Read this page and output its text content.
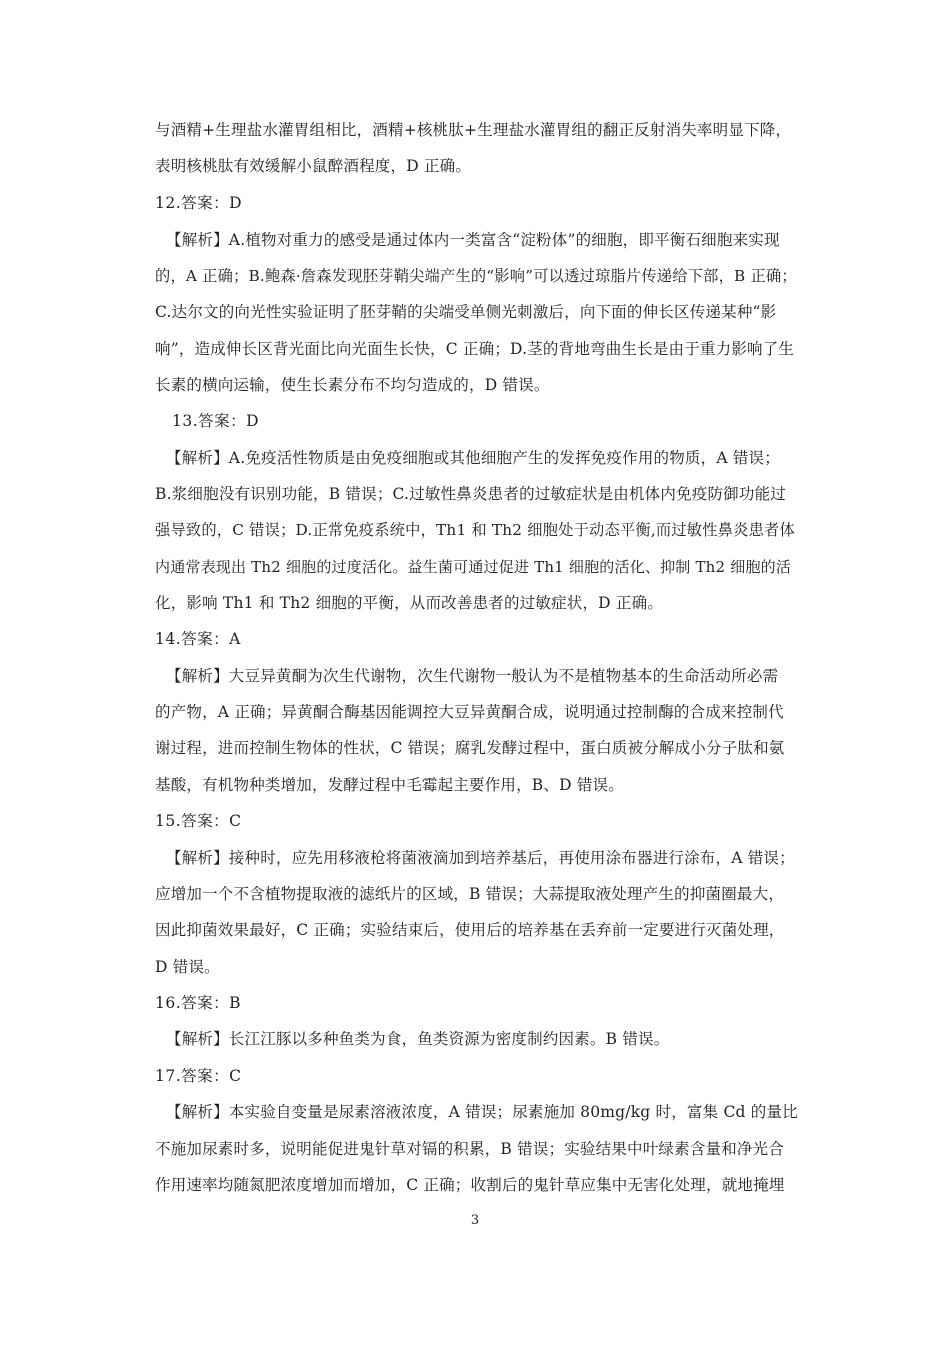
与酒精+生理盐水灌胃组相比，酒精+核桃肽+生理盐水灌胃组的翻正反射消失率明显下降，
表明核桃肽有效缓解小鼠醉酒程度，D 正确。
12.答案：D
【解析】A.植物对重力的感受是通过体内一类富含“淀粉体”的细胞，即平衡石细胞来实现
的，A 正确；B.鲍森·詹森发现胚芽鞘尖端产生的“影响”可以透过琼脂片传递给下部，B 正确；
C.达尔文的向光性实验证明了胚芽鞘的尖端受单侧光刺激后，向下面的伸长区传递某种“影
响”，造成伸长区背光面比向光面生长快，C 正确；D.茎的背地弯曲生长是由于重力影响了生
长素的横向运输，使生长素分布不均匀造成的，D 错误。
13.答案：D
【解析】A.免疫活性物质是由免疫细胞或其他细胞产生的发挥免疫作用的物质，A 错误；
B.浆细胞没有识别功能，B 错误；C.过敏性鼻炎患者的过敏症状是由机体内免疫防御功能过
强导致的，C 错误；D.正常免疫系统中，Th1 和 Th2 细胞处于动态平衡,而过敏性鼻炎患者体
内通常表现出 Th2 细胞的过度活化。益生菌可通过促进 Th1 细胞的活化、抑制 Th2 细胞的活
化，影响 Th1 和 Th2 细胞的平衡，从而改善患者的过敏症状，D 正确。
14.答案：A
【解析】大豆异黄酮为次生代谢物，次生代谢物一般认为不是植物基本的生命活动所必需
的产物，A 正确；异黄酮合酶基因能调控大豆异黄酮合成，说明通过控制酶的合成来控制代
谢过程，进而控制生物体的性状，C 错误；腐乳发酵过程中，蛋白质被分解成小分子肽和氨
基酸，有机物种类增加，发酵过程中毛霉起主要作用，B、D 错误。
15.答案：C
【解析】接种时，应先用移液枪将菌液滴加到培养基后，再使用涂布器进行涂布，A 错误；
应增加一个不含植物提取液的滤纸片的区域，B 错误；大蒜提取液处理产生的抑菌圈最大，
因此抑菌效果最好，C 正确；实验结束后，使用后的培养基在丢弃前一定要进行灭菌处理，
D 错误。
16.答案：B
【解析】长江江豚以多种鱼类为食，鱼类资源为密度制约因素。B 错误。
17.答案：C
【解析】本实验自变量是尿素溶液浓度，A 错误；尿素施加 80mg/kg 时，富集 Cd 的量比
不施加尿素时多，说明能促进鬼针草对镉的积累，B 错误；实验结果中叶绿素含量和净光合
作用速率均随氮肥浓度增加而增加，C 正确；收割后的鬼针草应集中无害化处理，就地掩埋
3
